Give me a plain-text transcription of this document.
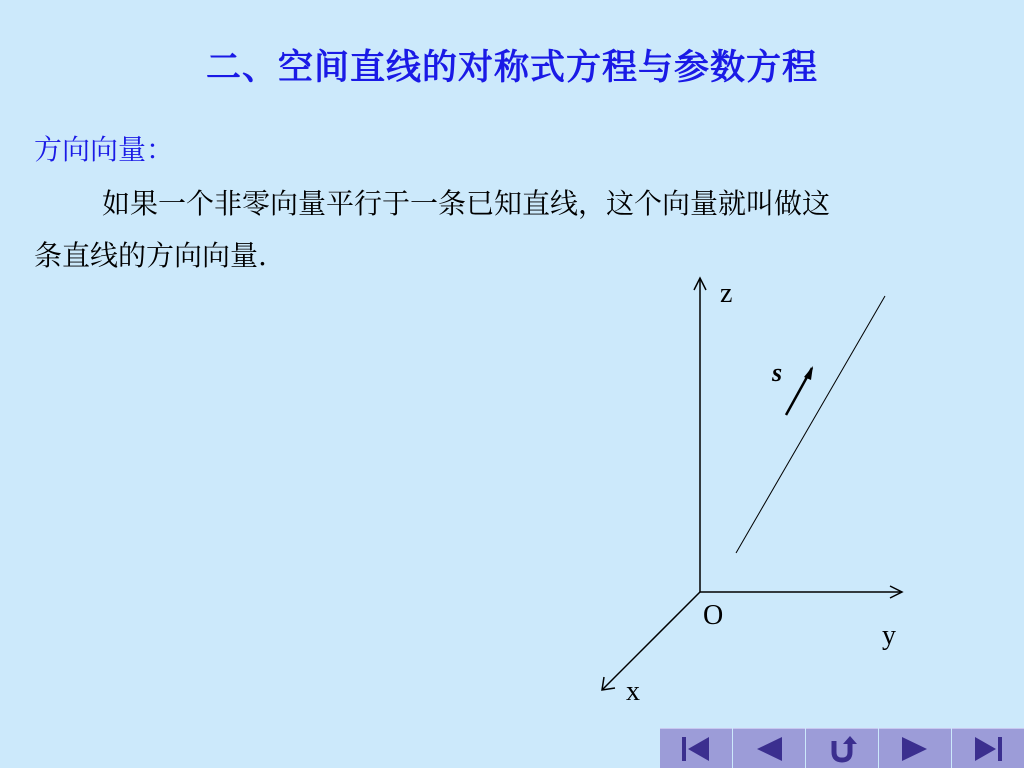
二、空间直线的对称式方程与参数方程
方向向量：
如果一个非零向量平行于一条已知直线，这个向量就叫做这
条直线的方向向量.
z
y
x
O
s
